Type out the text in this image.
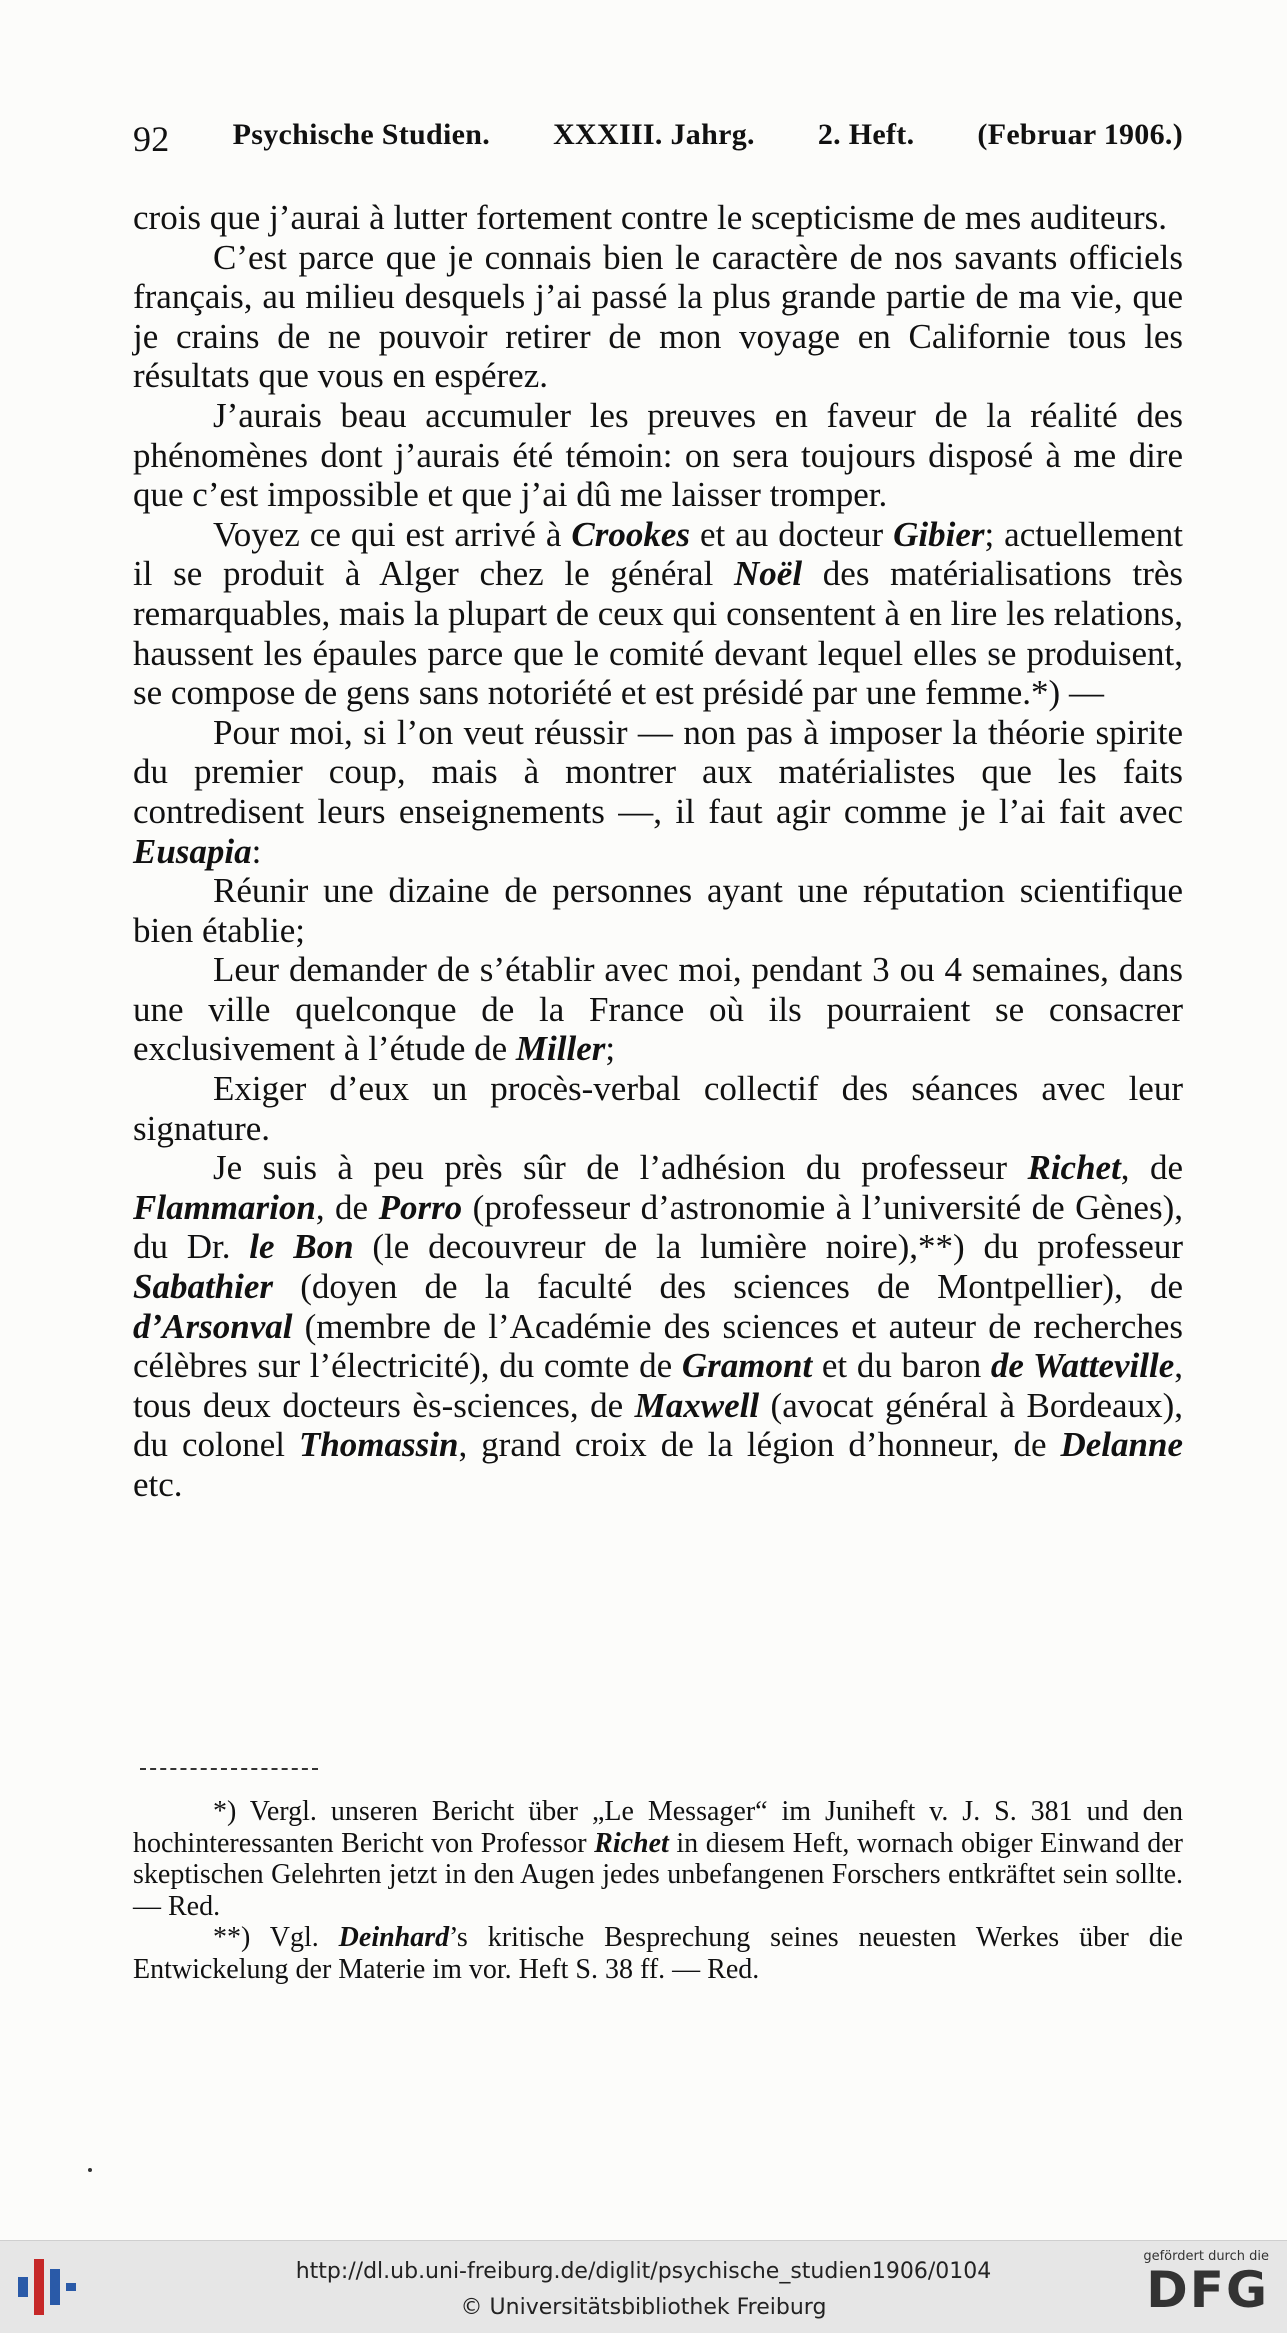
92 Psychische Studien. XXXIII. Jahrg. 2. Heft. (Februar 1906.)

crois que j’aurai à lutter fortement contre le scepticisme de mes auditeurs.

C’est parce que je connais bien le caractère de nos savants officiels français, au milieu desquels j’ai passé la plus grande partie de ma vie, que je crains de ne pouvoir retirer de mon voyage en Californie tous les résultats que vous en espérez.

J’aurais beau accumuler les preuves en faveur de la réalité des phénomènes dont j’aurais été témoin: on sera toujours disposé à me dire que c’est impossible et que j’ai dû me laisser tromper.

Voyez ce qui est arrivé à Crookes et au docteur Gibier; actuellement il se produit à Alger chez le général Noël des matérialisations très remarquables, mais la plupart de ceux qui consentent à en lire les relations, haussent les épaules parce que le comité devant lequel elles se produisent, se compose de gens sans notoriété et est présidé par une femme.*) —

Pour moi, si l’on veut réussir — non pas à imposer la théorie spirite du premier coup, mais à montrer aux matérialistes que les faits contredisent leurs enseignements —, il faut agir comme je l’ai fait avec Eusapia:

Réunir une dizaine de personnes ayant une réputation scientifique bien établie;

Leur demander de s’établir avec moi, pendant 3 ou 4 semaines, dans une ville quelconque de la France où ils pourraient se consacrer exclusivement à l’étude de Miller;

Exiger d’eux un procès-verbal collectif des séances avec leur signature.

Je suis à peu près sûr de l’adhésion du professeur Richet, de Flammarion, de Porro (professeur d’astronomie à l’université de Gènes), du Dr. le Bon (le decouvreur de la lumière noire),**) du professeur Sabathier (doyen de la faculté des sciences de Montpellier), de d’Arsonval (membre de l’Académie des sciences et auteur de recherches célèbres sur l’électricité), du comte de Gramont et du baron de Watteville, tous deux docteurs ès-sciences, de Maxwell (avocat général à Bordeaux), du colonel Thomassin, grand croix de la légion d’honneur, de Delanne etc.

*) Vergl. unseren Bericht über „Le Messager“ im Juniheft v. J. S. 381 und den hochinteressanten Bericht von Professor Richet in diesem Heft, wornach obiger Einwand der skeptischen Gelehrten jetzt in den Augen jedes unbefangenen Forschers entkräftet sein sollte. — Red.

**) Vgl. Deinhard’s kritische Besprechung seines neuesten Werkes über die Entwickelung der Materie im vor. Heft S. 38 ff. — Red.

http://dl.ub.uni-freiburg.de/diglit/psychische_studien1906/0104
© Universitätsbibliothek Freiburg
gefördert durch die
DFG
